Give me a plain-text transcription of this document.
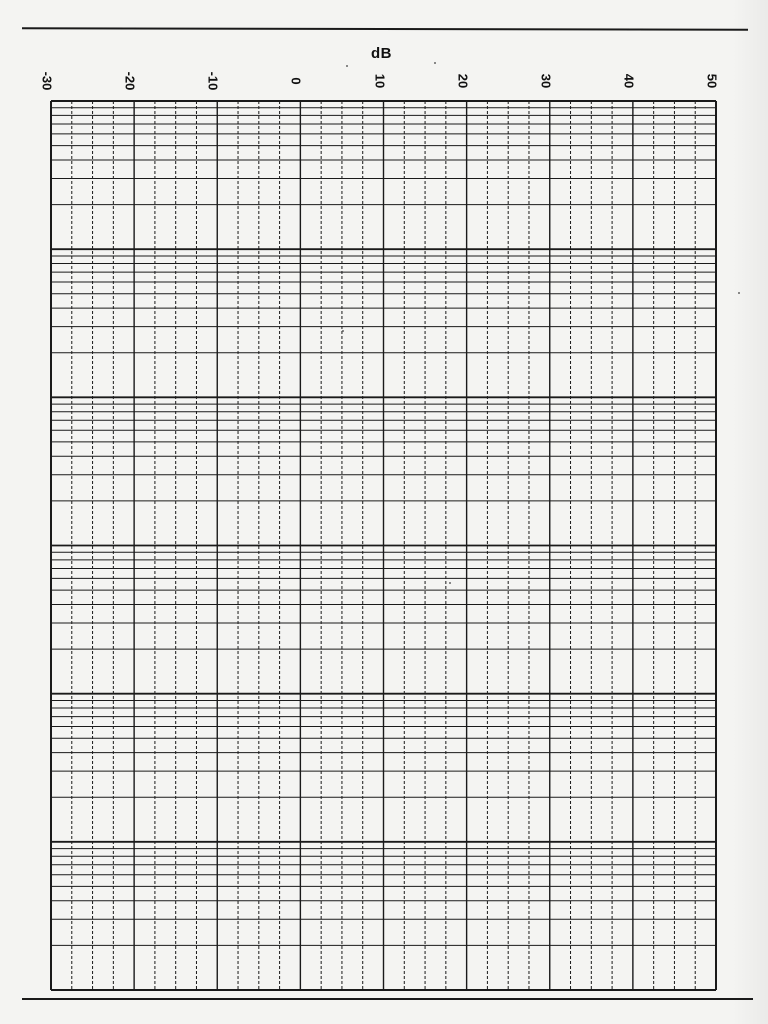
dB
-30	-20	-10	0	10	20	30	40	50
